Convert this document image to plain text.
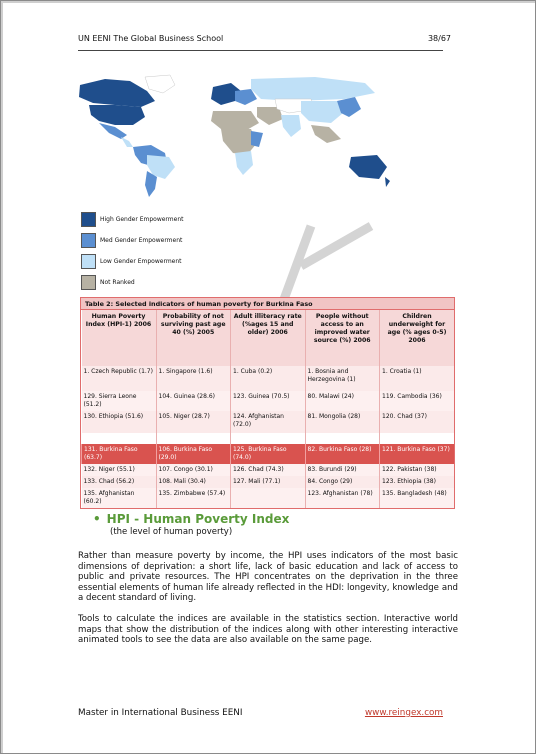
UN EENI The Global Business School	38/67
High Gender Empowerment
Med Gender Empowerment
Low Gender Empowerment
Not Ranked
Table 2: Selected indicators of human poverty for Burkina Faso
Human Poverty Index (HPI-1) 2006	Probability of not surviving past age 40 (%) 2005	Adult illiteracy rate (%ages 15 and older) 2006	People without access to an improved water source (%) 2006	Children underweight for age (% ages 0-5) 2006
1. Czech Republic (1.7)	1. Singapore (1.6)	1. Cuba (0.2)	1. Bosnia and Herzegovina (1)	1. Croatia (1)
129. Sierra Leone (51.2)	104. Guinea (28.6)	123. Guinea (70.5)	80. Malawi (24)	119. Cambodia (36)
130. Ethiopia (51.6)	105. Niger (28.7)	124. Afghanistan (72.0)	81. Mongolia (28)	120. Chad (37)

131. Burkina Faso (63.7)	106. Burkina Faso (29.0)	125. Burkina Faso (74.0)	82. Burkina Faso (28)	121. Burkina Faso (37)
132. Niger (55.1)	107. Congo (30.1)	126. Chad (74.3)	83. Burundi (29)	122. Pakistan (38)
133. Chad (56.2)	108. Mali (30.4)	127. Mali (77.1)	84. Congo (29)	123. Ethiopia (38)
135. Afghanistan (60.2)	135. Zimbabwe (57.4)		123. Afghanistan (78)	135. Bangladesh (48)
• HPI - Human Poverty Index
(the level of human poverty)

Rather than measure poverty by income, the HPI uses indicators of the most basic dimensions of deprivation: a short life, lack of basic education and lack of access to public and private resources. The HPI concentrates on the deprivation in the three essential elements of human life already reflected in the HDI: longevity, knowledge and a decent standard of living.

Tools to calculate the indices are available in the statistics section. Interactive world maps that show the distribution of the indices along with other interesting interactive animated tools to see the data are also available on the same page.

Master in International Business EENI	www.reingex.com
